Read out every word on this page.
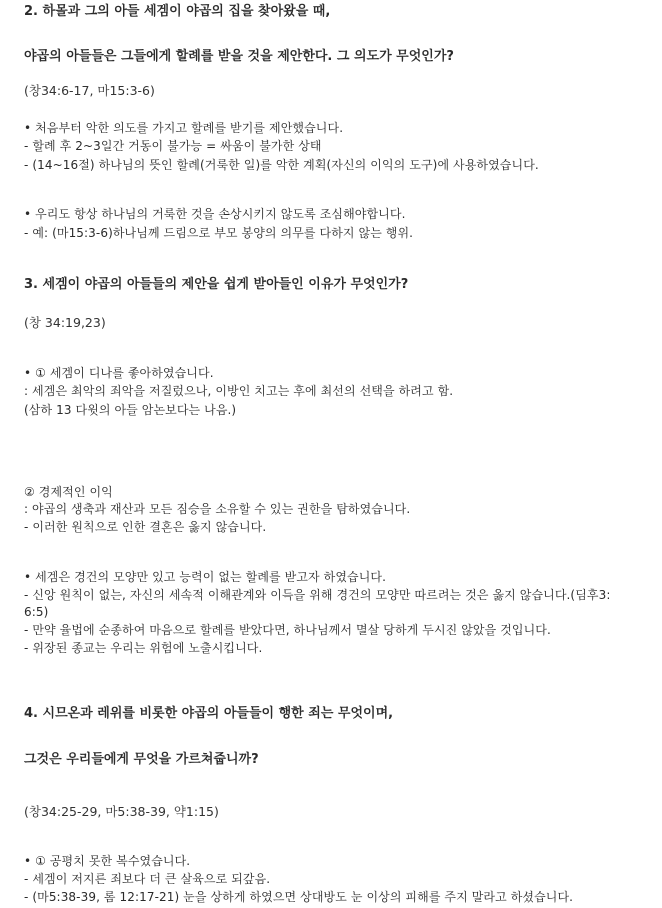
2. 하몰과 그의 아들 세겜이 야곱의 집을 찾아왔을 때,
야곱의 아들들은 그들에게 할례를 받을 것을 제안한다. 그 의도가 무엇인가?
(창34:6-17, 마15:3-6)
• 처음부터 악한 의도를 가지고 할례를 받기를 제안했습니다.
- 할례 후 2~3일간 거동이 불가능 = 싸움이 불가한 상태
- (14~16절) 하나님의 뜻인 할례(거룩한 일)를 악한 계획(자신의 이익의 도구)에 사용하였습니다.
• 우리도 항상 하나님의 거룩한 것을 손상시키지 않도록 조심해야합니다.
- 예: (마15:3-6)하나님께 드림으로 부모 봉양의 의무를 다하지 않는 행위.
3. 세겜이 야곱의 아들들의 제안을 쉽게 받아들인 이유가 무엇인가?
(창 34:19,23)
• ① 세겜이 디나를 좋아하였습니다.
: 세겜은 최악의 죄악을 저질렀으나, 이방인 치고는 후에 최선의 선택을 하려고 함.
(삼하 13 다윗의 아들 암논보다는 나음.)
② 경제적인 이익
: 야곱의 생축과 재산과 모든 짐승을 소유할 수 있는 권한을 탐하였습니다.
- 이러한 원칙으로 인한 결혼은 옳지 않습니다.
• 세겜은 경건의 모양만 있고 능력이 없는 할례를 받고자 하였습니다.
- 신앙 원칙이 없는, 자신의 세속적 이해관계와 이득을 위해 경건의 모양만 따르려는 것은 옳지 않습니다.(딤후3:
6:5)
- 만약 율법에 순종하여 마음으로 할례를 받았다면, 하나님께서 멸살 당하게 두시진 않았을 것입니다.
- 위장된 종교는 우리는 위험에 노출시킵니다.
4. 시므온과 레위를 비롯한 야곱의 아들들이 행한 죄는 무엇이며,
그것은 우리들에게 무엇을 가르쳐줍니까?
(창34:25-29, 마5:38-39, 약1:15)
• ① 공평치 못한 복수였습니다.
- 세겜이 저지른 죄보다 더 큰 살육으로 되갚음.
- (마5:38-39, 롬 12:17-21) 눈을 상하게 하였으면 상대방도 눈 이상의 피해를 주지 말라고 하셨습니다.
